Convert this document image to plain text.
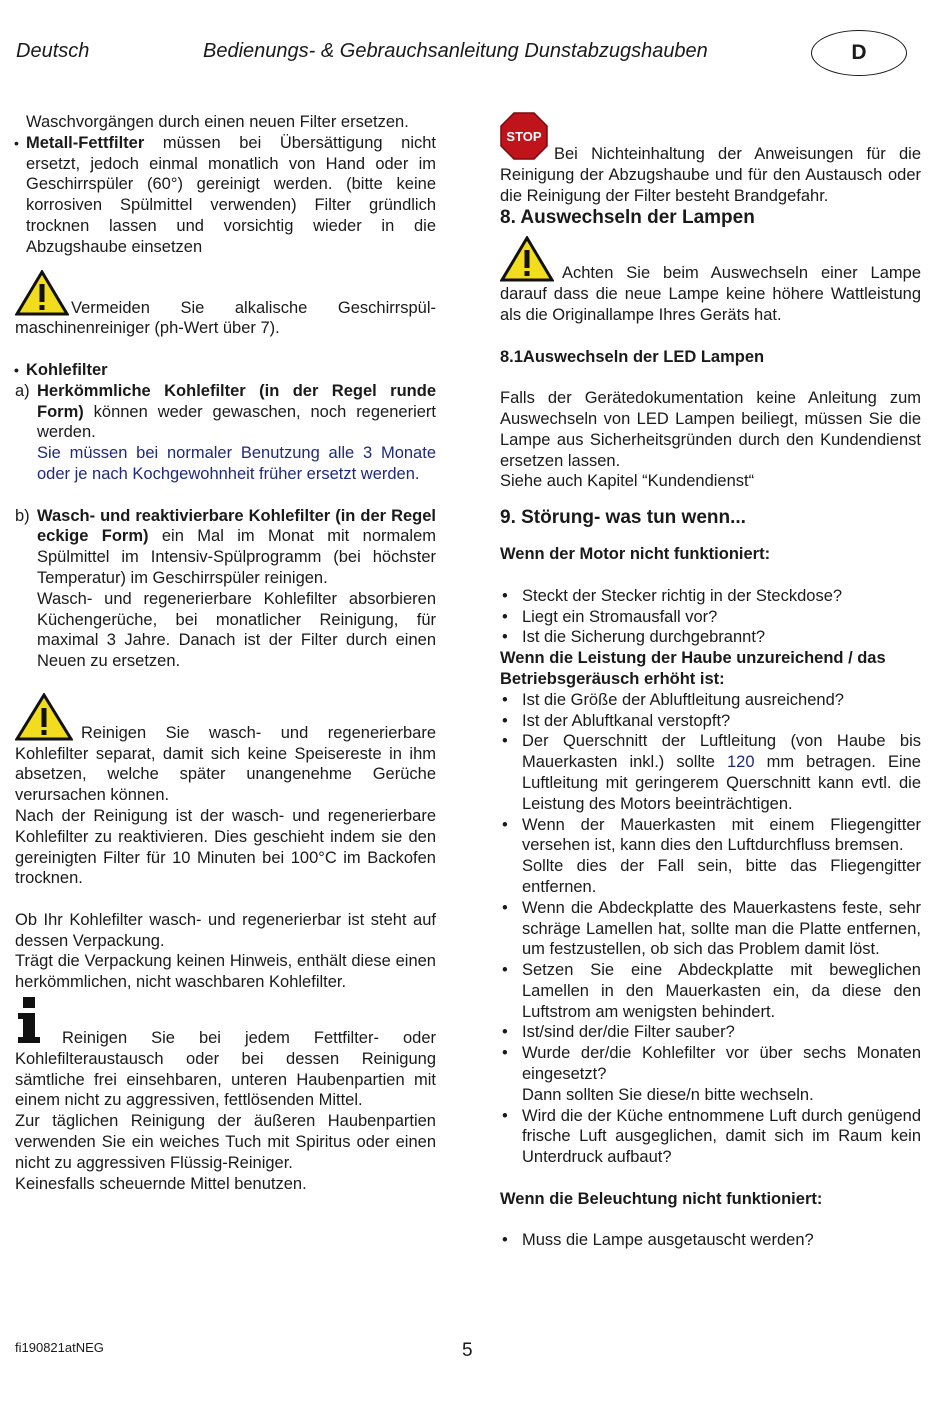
Deutsch	Bedienungs- & Gebrauchsanleitung Dunstabzugshauben	D

Waschvorgängen durch einen neuen Filter ersetzen.

• Metall-Fettfilter müssen bei Übersättigung nicht ersetzt, jedoch einmal monatlich von Hand oder im Geschirrspüler (60°) gereinigt werden. (bitte keine korrosiven Spülmittel verwenden) Filter gründlich trocknen lassen und vorsichtig wieder in die Abzugshaube einsetzen

Vermeiden Sie alkalische Geschirrspül-maschinenreiniger (ph-Wert über 7).

• Kohlefilter

a) Herkömmliche Kohlefilter (in der Regel runde Form) können weder gewaschen, noch regeneriert werden.
Sie müssen bei normaler Benutzung alle 3 Monate oder je nach Kochgewohnheit früher ersetzt werden.
b) Wasch- und reaktivierbare Kohlefilter (in der Regel eckige Form) ein Mal im Monat mit normalem Spülmittel im Intensiv-Spülprogramm (bei höchster Temperatur) im Geschirrspüler reinigen.
Wasch- und regenerierbare Kohlefilter absorbieren Küchengerüche, bei monatlicher Reinigung, für maximal 3 Jahre. Danach ist der Filter durch einen Neuen zu ersetzen.
Reinigen Sie wasch- und regenerierbare Kohlefilter separat, damit sich keine Speisereste in ihm absetzen, welche später unangenehme Gerüche verursachen können.

Nach der Reinigung ist der wasch- und regenerierbare Kohlefilter zu reaktivieren. Dies geschieht indem sie den gereinigten Filter für 10 Minuten bei 100°C im Backofen trocknen.

Ob Ihr Kohlefilter wasch- und regenerierbar ist steht auf dessen Verpackung.

Trägt die Verpackung keinen Hinweis, enthält diese einen herkömmlichen, nicht waschbaren Kohlefilter.

Reinigen Sie bei jedem Fettfilter- oder Kohlefilteraustausch oder bei dessen Reinigung sämtliche frei einsehbaren, unteren Haubenpartien mit einem nicht zu aggressiven, fettlösenden Mittel.

Zur täglichen Reinigung der äußeren Haubenpartien verwenden Sie ein weiches Tuch mit Spiritus oder einen nicht zu aggressiven Flüssig-Reiniger.

Keinesfalls scheuernde Mittel benutzen.

STOP
Bei Nichteinhaltung der Anweisungen für die Reinigung der Abzugshaube und für den Austausch oder die Reinigung der Filter besteht Brandgefahr.

8. Auswechseln der Lampen

Achten Sie beim Auswechseln einer Lampe darauf dass die neue Lampe keine höhere Wattleistung als die Originallampe Ihres Geräts hat.

8.1Auswechseln der LED Lampen

Falls der Gerätedokumentation keine Anleitung zum Auswechseln von LED Lampen beiliegt, müssen Sie die Lampe aus Sicherheitsgründen durch den Kundendienst ersetzen lassen.

Siehe auch Kapitel “Kundendienst“

9. Störung- was tun wenn...

Wenn der Motor nicht funktioniert:

• Steckt der Stecker richtig in der Steckdose?

• Liegt ein Stromausfall vor?

• Ist die Sicherung durchgebrannt?

Wenn die Leistung der Haube unzureichend / das Betriebsgeräusch erhöht ist:

• Ist die Größe der Abluftleitung ausreichend?

• Ist der Abluftkanal verstopft?

• Der Querschnitt der Luftleitung (von Haube bis Mauerkasten inkl.) sollte 120 mm betragen. Eine Luftleitung mit geringerem Querschnitt kann evtl. die Leistung des Motors beeinträchtigen.

• Wenn der Mauerkasten mit einem Fliegengitter versehen ist, kann dies den Luftdurchfluss bremsen.
Sollte dies der Fall sein, bitte das Fliegengitter entfernen.

• Wenn die Abdeckplatte des Mauerkastens feste, sehr schräge Lamellen hat, sollte man die Platte entfernen, um festzustellen, ob sich das Problem damit löst.

• Setzen Sie eine Abdeckplatte mit beweglichen Lamellen in den Mauerkasten ein, da diese den Luftstrom am wenigsten behindert.

• Ist/sind der/die Filter sauber?

• Wurde der/die Kohlefilter vor über sechs Monaten eingesetzt?
Dann sollten Sie diese/n bitte wechseln.

• Wird die der Küche entnommene Luft durch genügend frische Luft ausgeglichen, damit sich im Raum kein Unterdruck aufbaut?

Wenn die Beleuchtung nicht funktioniert:

• Muss die Lampe ausgetauscht werden?

fi190821atNEG	5
